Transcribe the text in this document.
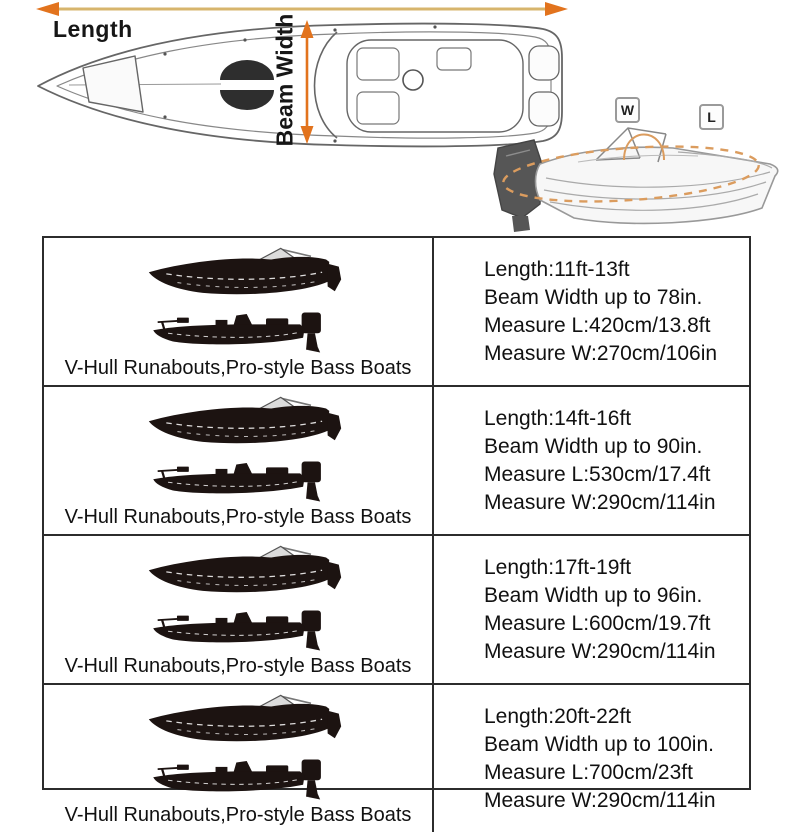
Length	Beam Width	W	L
V-Hull Runabouts,Pro-style Bass Boats
Length:11ft-13ft
Beam Width up to 78in.
Measure L:420cm/13.8ft
Measure W:270cm/106in
V-Hull Runabouts,Pro-style Bass Boats
Length:14ft-16ft
Beam Width up to 90in.
Measure L:530cm/17.4ft
Measure W:290cm/114in
V-Hull Runabouts,Pro-style Bass Boats
Length:17ft-19ft
Beam Width up to 96in.
Measure L:600cm/19.7ft
Measure W:290cm/114in
V-Hull Runabouts,Pro-style Bass Boats
Length:20ft-22ft
Beam Width up to 100in.
Measure L:700cm/23ft
Measure W:290cm/114in
